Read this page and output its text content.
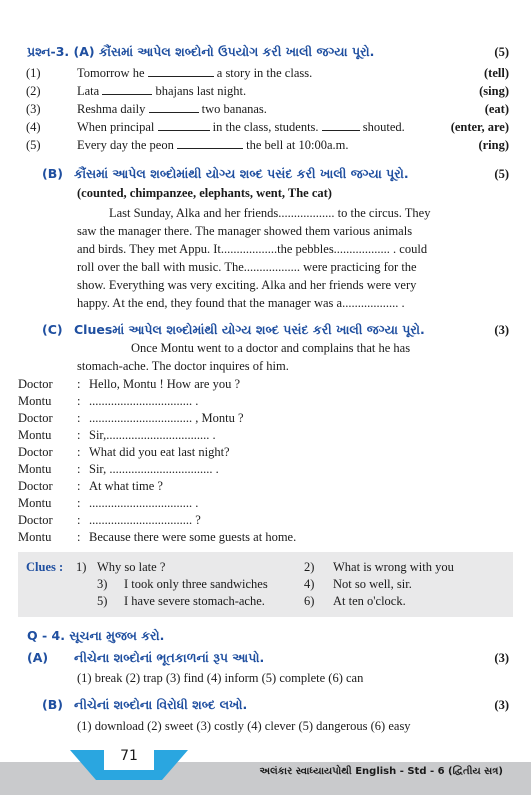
પ્રશ્ન-3. (A) કૌંસમાં આપેલ શબ્દોનો ઉપયોગ કરી ખાલી જગ્યા પૂરો.	(5)
(1)	Tomorrow he	a story in the class.	(tell)
(2)	Lata	bhajans last night.	(sing)
(3)	Reshma daily	two bananas.	(eat)
(4)	When principal	in the class, students.	shouted.	(enter, are)
(5)	Every day the peon	the bell at 10:00a.m.	(ring)
(B) કૌંસમાં આપેલ શબ્દોમાંથી યોગ્ય શબ્દ પસંદ કરી ખાલી જગ્યા પૂરો.	(5)
(counted, chimpanzee, elephants, went, The cat)
Last Sunday, Alka and her friends.................. to the circus. They
saw the manager there. The manager showed them various animals
and birds. They met Appu. It..................the pebbles.................. . could
roll over the ball with music. The.................. were practicing for the
show. Everything was very exciting. Alka and her friends were very
happy. At the end, they found that the manager was a.................. .
(C) Cluesમાં આપેલ શબ્દોમાંથી યોગ્ય શબ્દ પસંદ કરી ખાલી જગ્યા પૂરો.	(3)
Once Montu went to a doctor and complains that he has
stomach-ache. The doctor inquires of him.
Doctor : Hello, Montu ! How are you ?
Montu : ................................. .
Doctor : ................................. , Montu ?
Montu : Sir,................................. .
Doctor : What did you eat last night?
Montu : Sir, ................................. .
Doctor : At what time ?
Montu : ................................. .
Doctor : ................................. ?
Montu : Because there were some guests at home.
Clues : 1) Why so late ?	2) What is wrong with you
3) I took only three sandwiches	4) Not so well, sir.
5) I have severe stomach-ache.	6) At ten o'clock.
Q - 4. સૂચના મુજબ કરો.
(A) નીચેના શબ્દોનાં ભૂતકાળનાં રૂપ આપો.	(3)
(1) break (2) trap (3) find (4) inform (5) complete (6) can
(B) નીચેનાં શબ્દોના વિરોધી શબ્દ લખો.	(3)
(1) download (2) sweet (3) costly (4) clever (5) dangerous (6) easy
71
અલંકાર સ્વાધ્યાયપોથી English - Std - 6 (દ્વિતીય સત્ર)
